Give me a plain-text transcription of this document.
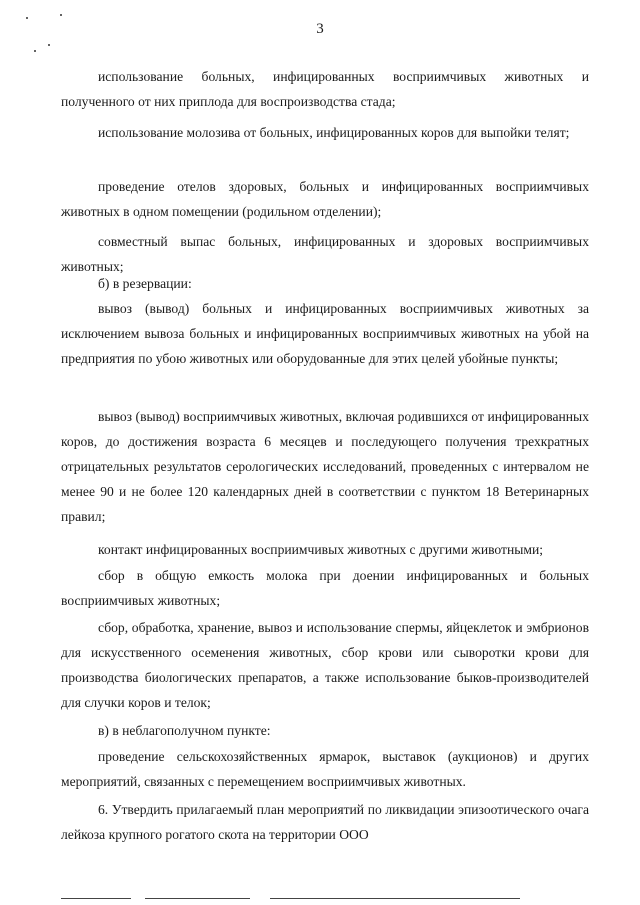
3

использование больных, инфицированных восприимчивых животных и полученного от них приплода для воспроизводства стада;

использование молозива от больных, инфицированных коров для выпойки телят;

проведение отелов здоровых, больных и инфицированных восприимчивых животных в одном помещении (родильном отделении);

совместный выпас больных, инфицированных и здоровых восприимчивых животных;

б) в резервации:

вывоз (вывод) больных и инфицированных восприимчивых животных за исключением вывоза больных и инфицированных восприимчивых животных на убой на предприятия по убою животных или оборудованные для этих целей убойные пункты;

вывоз (вывод) восприимчивых животных, включая родившихся от инфицированных коров, до достижения возраста 6 месяцев и последующего получения трехкратных отрицательных результатов серологических исследований, проведенных с интервалом не менее 90 и не более 120 календарных дней в соответствии с пунктом 18 Ветеринарных правил;

контакт инфицированных восприимчивых животных с другими животными;

сбор в общую емкость молока при доении инфицированных и больных восприимчивых животных;

сбор, обработка, хранение, вывоз и использование спермы, яйцеклеток и эмбрионов для искусственного осеменения животных, сбор крови или сыворотки крови для производства биологических препаратов, а также использование быков-производителей для случки коров и телок;

в) в неблагополучном пункте:

проведение сельскохозяйственных ярмарок, выставок (аукционов) и других мероприятий, связанных с перемещением восприимчивых животных.

6. Утвердить прилагаемый план мероприятий по ликвидации эпизоотического очага лейкоза крупного рогатого скота на территории ООО
